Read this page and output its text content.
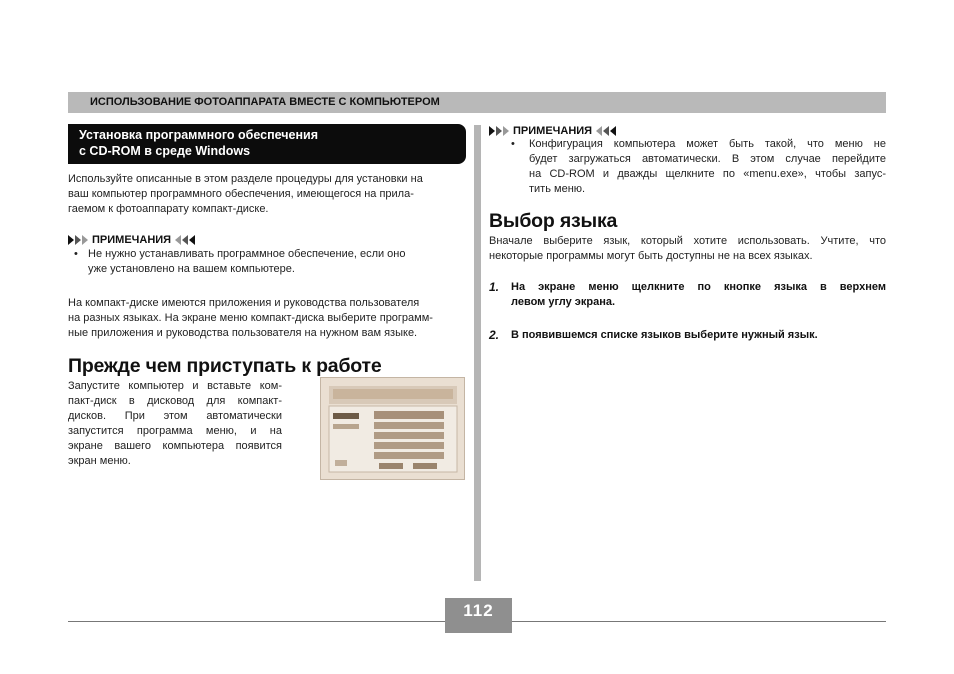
ИСПОЛЬЗОВАНИЕ ФОТОАППАРАТА ВМЕСТЕ С КОМПЬЮТЕРОМ
Установка программного обеспечения
с CD-ROM в среде Windows
Используйте описанные в этом разделе процедуры для установки на
ваш компьютер программного обеспечения, имеющегося на прила-
гаемом к фотоаппарату компакт-диске.
ПРИМЕЧАНИЯ
• Не нужно устанавливать программное обеспечение, если оно
уже установлено на вашем компьютере.
На компакт-диске имеются приложения и руководства пользователя
на разных языках. На экране меню компакт-диска выберите программ-
ные приложения и руководства пользователя на нужном вам языке.
Прежде чем приступать к работе
Запустите компьютер и вставьте ком-
пакт-диск в дисковод для компакт-
дисков. При этом автоматически
запустится программа меню, и на
экране вашего компьютера появится
экран меню.
ПРИМЕЧАНИЯ
•	Конфигурация компьютера может быть такой, что меню не
будет загружаться автоматически. В этом случае перейдите
на CD-ROM и дважды щелкните по «menu.exe», чтобы запус-
тить меню.
Выбор языка
Вначале выберите язык, который хотите использовать. Учтите, что
некоторые программы могут быть доступны не на всех языках.
1.	На экране меню щелкните по кнопке языка в верхнем
левом углу экрана.
2.	В появившемся списке языков выберите нужный язык.
112
